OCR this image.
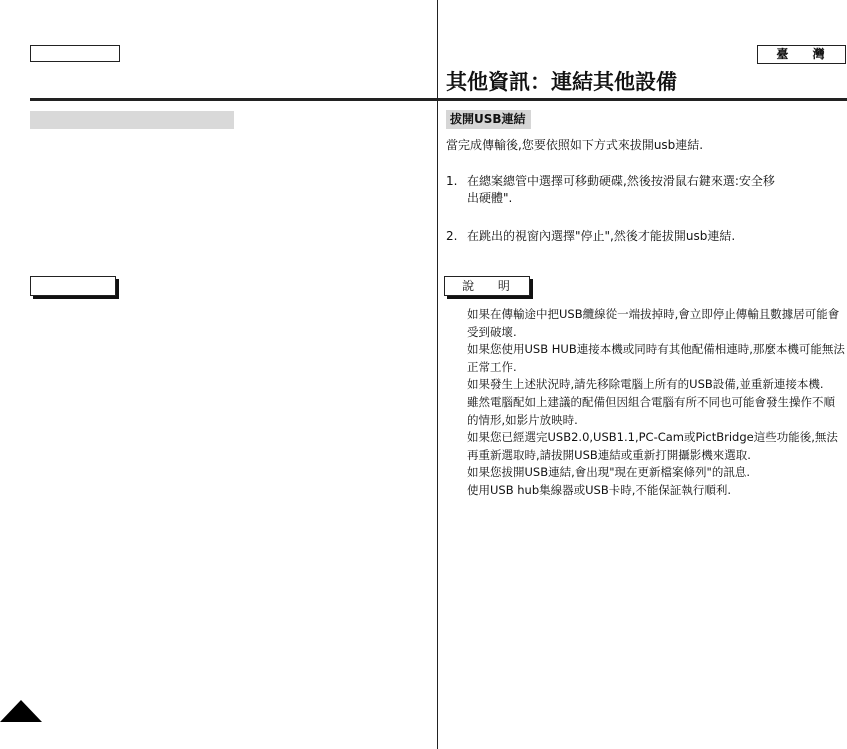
臺 灣
其他資訊：連結其他設備
拔開USB連結
當完成傳輸後,您要依照如下方式來拔開usb連結.
1. 在總案總管中選擇可移動硬碟,然後按滑鼠右鍵來選:安全移
出硬體".
2. 在跳出的視窗內選擇"停止",然後才能拔開usb連結.
說 明
如果在傳輸途中把USB纜線從一端拔掉時,會立即停止傳輸且數據居可能會受到破壞.
如果您使用USB HUB連接本機或同時有其他配備相連時,那麼本機可能無法正常工作.
如果發生上述狀況時,請先移除電腦上所有的USB設備,並重新連接本機.
雖然電腦配如上建議的配備但因組合電腦有所不同也可能會發生操作不順的情形,如影片放映時.
如果您已經選完USB2.0,USB1.1,PC-Cam或PictBridge這些功能後,無法再重新選取時,請拔開USB連結或重新打開攝影機來選取.
如果您拔開USB連結,會出現"現在更新檔案條列"的訊息.
使用USB hub集線器或USB卡時,不能保証執行順利.
